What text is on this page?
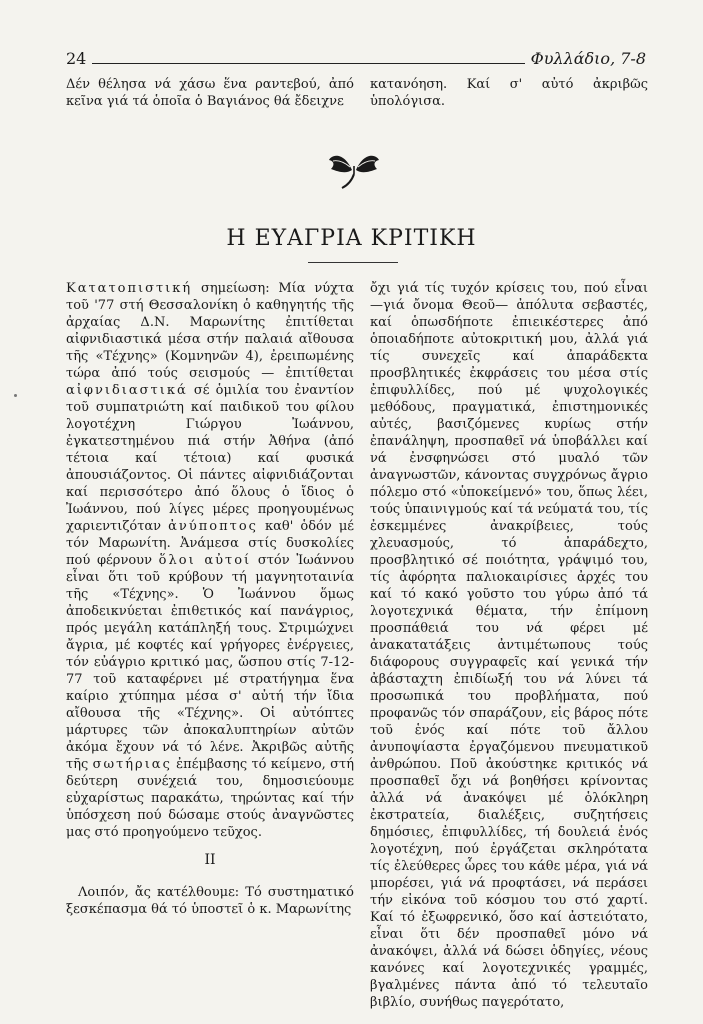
24	Φυλλάδιο, 7-8

Δέν θέλησα νά χάσω ἕνα ραντεβού, ἀπό κεῖνα γιά τά ὁποῖα ὁ Βαγιάνος θά ἔδειχνε

κατανόηση. Καί σ' αὐτό ἀκριβῶς ὑπολόγισα.

Η ΕΥΑΓΡΙΑ ΚΡΙΤΙΚΗ

Κατατοπιστική σημείωση: Μία νύχτα τοῦ '77 στή Θεσσαλονίκη ὁ καθηγητής τῆς ἀρχαίας Δ.Ν. Μαρωνίτης ἐπιτίθεται αἰφνιδιαστικά μέσα στήν παλαιά αἴθουσα τῆς «Τέχνης» (Κομνηνῶν 4), ἐρειπωμένης τώρα ἀπό τούς σεισμούς — ἐπιτίθεται αἰφνιδιαστικά σέ ὁμιλία του ἐναντίον τοῦ συμπατριώτη καί παιδικοῦ του φίλου λογοτέχνη Γιώργου Ἰωάννου, ἐγκατεστημένου πιά στήν Ἀθήνα (ἀπό τέτοια καί τέτοια) καί φυσικά ἀπουσιάζοντος. Οἱ πάντες αἰφνιδιάζονται καί περισσότερο ἀπό ὅλους ὁ ἴδιος ὁ Ἰωάννου, πού λίγες μέρες προηγουμένως χαριεντιζόταν ἀνύποπτος καθ' ὁδόν μέ τόν Μαρωνίτη. Ἀνάμεσα στίς δυσκολίες πού φέρνουν ὅλοι αὐτοί στόν Ἰωάννου εἶναι ὅτι τοῦ κρύβουν τή μαγνητοταινία τῆς «Τέχνης». Ὁ Ἰωάννου ὅμως ἀποδεικνύεται ἐπιθετικός καί πανάγριος, πρός μεγάλη κατάπληξή τους. Στριμώχνει ἄγρια, μέ κοφτές καί γρήγορες ἐνέργειες, τόν εὐάγριο κριτικό μας, ὥσπου στίς 7-12-77 τοῦ καταφέρνει μέ στρατήγημα ἕνα καίριο χτύπημα μέσα σ' αὐτή τήν ἴδια αἴθουσα τῆς «Τέχνης». Οἱ αὐτόπτες μάρτυρες τῶν ἀποκαλυπτηρίων αὐτῶν ἀκόμα ἔχουν νά τό λένε. Ἀκριβῶς αὐτῆς τῆς σωτήριας ἐπέμβασης τό κείμενο, στή δεύτερη συνέχειά του, δημοσιεύουμε εὐχαρίστως παρακάτω, τηρώντας καί τήν ὑπόσχεση πού δώσαμε στούς ἀναγνῶστες μας στό προηγούμενο τεῦχος.

ὄχι γιά τίς τυχόν κρίσεις του, πού εἶναι —γιά ὄνομα Θεοῦ— ἀπόλυτα σεβαστές, καί ὁπωσδήποτε ἐπιεικέστερες ἀπό ὁποιαδήποτε αὐτοκριτική μου, ἀλλά γιά τίς συνεχεῖς καί ἀπαράδεκτα προσβλητικές ἐκφράσεις του μέσα στίς ἐπιφυλλίδες, πού μέ ψυχολογικές μεθόδους, πραγματικά, ἐπιστημονικές αὐτές, βασιζόμενες κυρίως στήν ἐπανάληψη, προσπαθεῖ νά ὑποβάλλει καί νά ἐνσφηνώσει στό μυαλό τῶν ἀναγνωστῶν, κάνοντας συγχρόνως ἄγριο πόλεμο στό «ὑποκείμενό» του, ὅπως λέει, τούς ὑπαινιγμούς καί τά νεύματά του, τίς ἐσκεμμένες ἀνακρίβειες, τούς χλευασμούς, τό ἀπαράδεχτο, προσβλητικό σέ ποιότητα, γράψιμό του, τίς ἀφόρητα παλιοκαιρίσιες ἀρχές του καί τό κακό γοῦστο του γύρω ἀπό τά λογοτεχνικά θέματα, τήν ἐπίμονη προσπάθειά του νά φέρει μέ ἀνακατατάξεις ἀντιμέτωπους τούς διάφορους συγγραφεῖς καί γενικά τήν ἀβάσταχτη ἐπιδίωξή του νά λύνει τά προσωπικά του προβλήματα, πού προφανῶς τόν σπαράζουν, εἰς βάρος πότε τοῦ ἑνός καί πότε τοῦ ἄλλου ἀνυποψίαστα ἐργαζόμενου πνευματικοῦ ἀνθρώπου. Ποῦ ἀκούστηκε κριτικός νά προσπαθεῖ ὄχι νά βοηθήσει κρίνοντας ἀλλά νά ἀνακόψει μέ ὁλόκληρη ἐκστρατεία, διαλέξεις, συζητήσεις δημόσιες, ἐπιφυλλίδες, τή δουλειά ἑνός λογοτέχνη, πού ἐργάζεται σκληρότατα τίς ἐλεύθερες ὧρες του κάθε μέρα, γιά νά μπορέσει, γιά νά προφτάσει, νά περάσει τήν εἰκόνα τοῦ κόσμου του στό χαρτί. Καί τό ἐξωφρενικό, ὅσο καί ἀστειότατο, εἶναι ὅτι δέν προσπαθεῖ μόνο νά ἀνακόψει, ἀλλά νά δώσει ὁδηγίες, νέους κανόνες καί λογοτεχνικές γραμμές, βγαλμένες πάντα ἀπό τό τελευταῖο βιβλίο, συνήθως παγερότατο,

II

Λοιπόν, ἄς κατέλθουμε: Τό συστηματικό ξεσκέπασμα θά τό ὑποστεῖ ὁ κ. Μαρωνίτης
